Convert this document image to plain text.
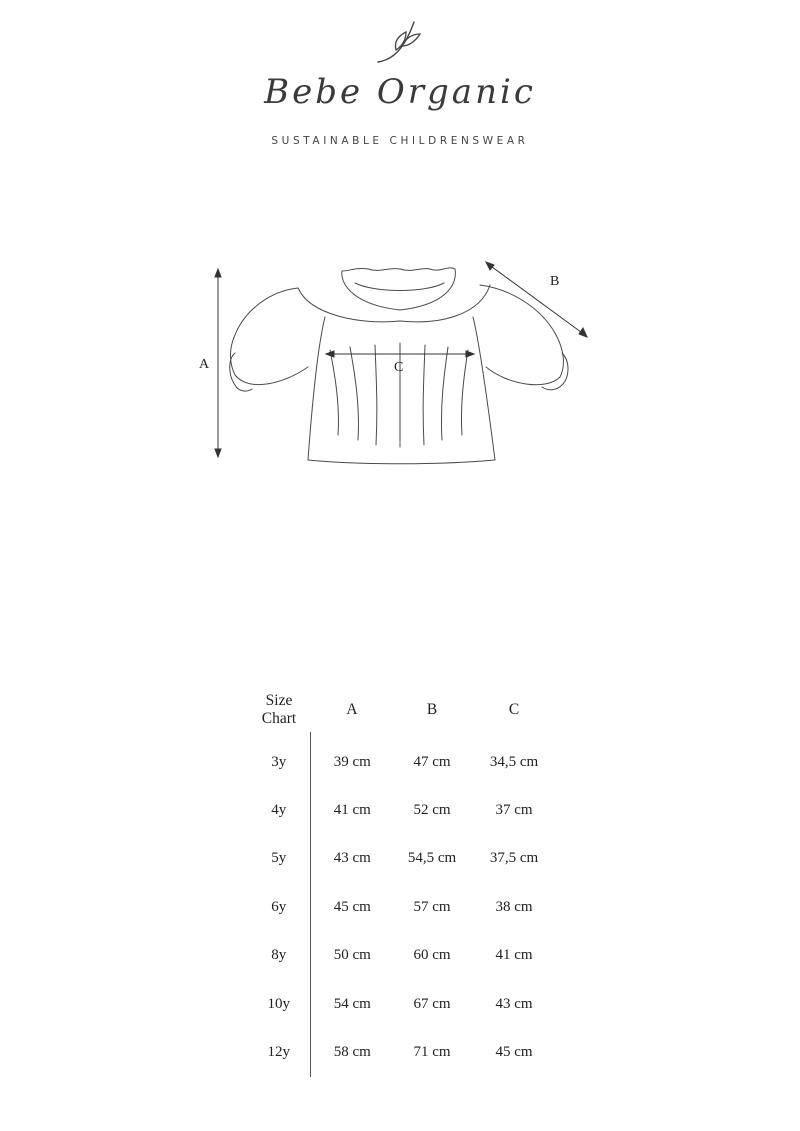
Bebe Organic
SUSTAINABLE CHILDRENSWEAR
A
B
C
Size
Chart	A	B	C
3y	39 cm	47 cm	34,5 cm
4y	41 cm	52 cm	37 cm
5y	43 cm	54,5 cm	37,5 cm
6y	45 cm	57 cm	38 cm
8y	50 cm	60 cm	41 cm
10y	54 cm	67 cm	43 cm
12y	58 cm	71 cm	45 cm
